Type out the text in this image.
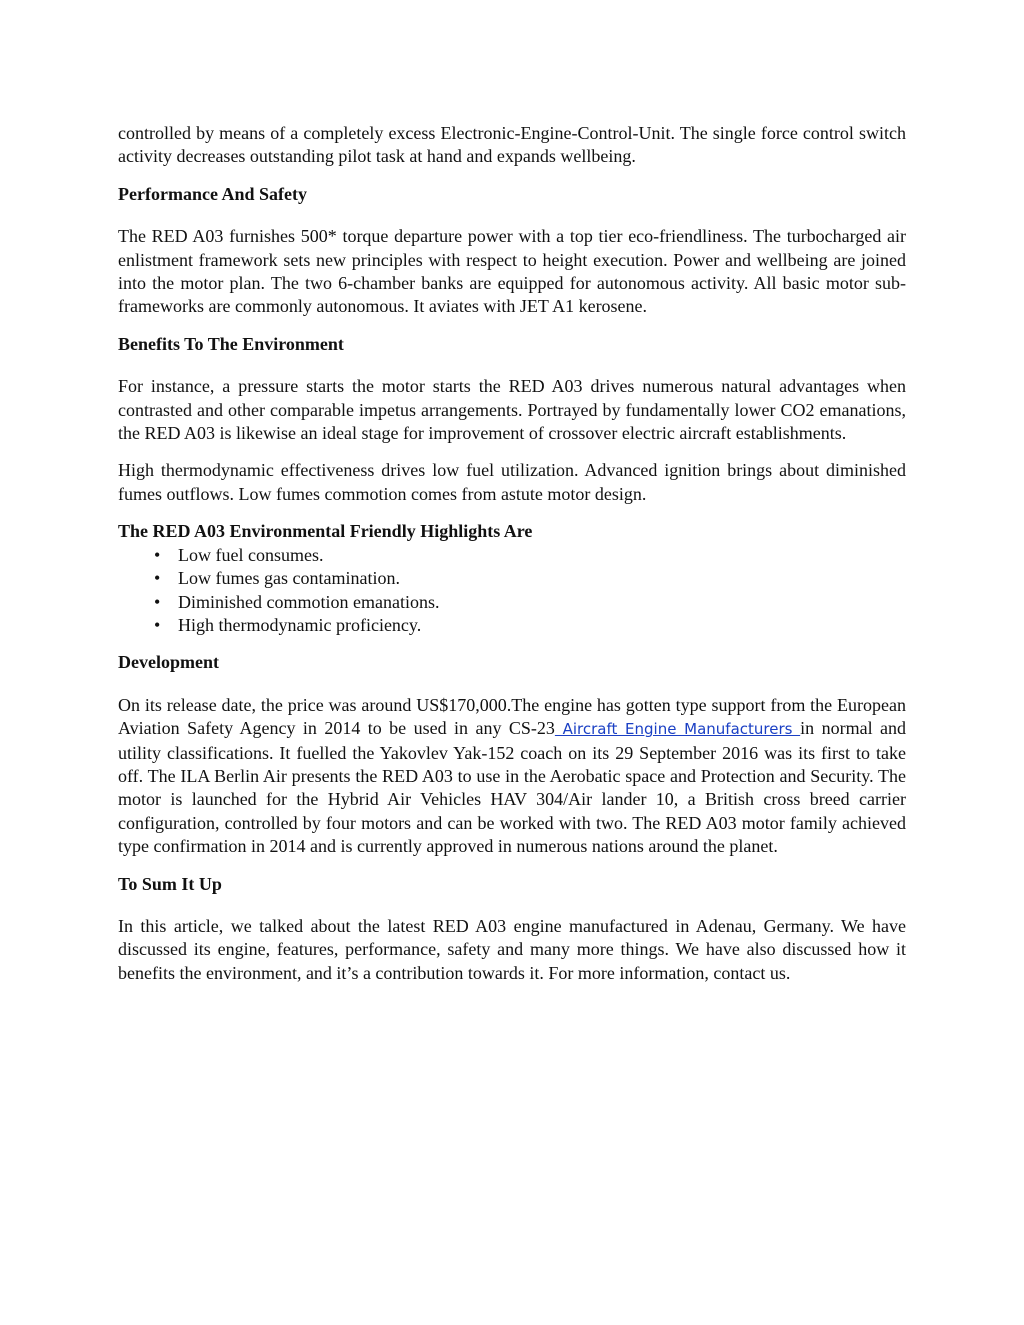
controlled by means of a completely excess Electronic-Engine-Control-Unit. The single force control switch activity decreases outstanding pilot task at hand and expands wellbeing.

Performance And Safety

The RED A03 furnishes 500* torque departure power with a top tier eco-friendliness. The turbocharged air enlistment framework sets new principles with respect to height execution. Power and wellbeing are joined into the motor plan. The two 6-chamber banks are equipped for autonomous activity. All basic motor sub-frameworks are commonly autonomous. It aviates with JET A1 kerosene.

Benefits To The Environment

For instance, a pressure starts the motor starts the RED A03 drives numerous natural advantages when contrasted and other comparable impetus arrangements. Portrayed by fundamentally lower CO2 emanations, the RED A03 is likewise an ideal stage for improvement of crossover electric aircraft establishments.

High thermodynamic effectiveness drives low fuel utilization. Advanced ignition brings about diminished fumes outflows. Low fumes commotion comes from astute motor design.

The RED A03 Environmental Friendly Highlights Are

• Low fuel consumes.
• Low fumes gas contamination.
• Diminished commotion emanations.
• High thermodynamic proficiency.

Development

On its release date, the price was around US$170,000.The engine has gotten type support from the European Aviation Safety Agency in 2014 to be used in any CS-23 Aircraft Engine Manufacturers in normal and utility classifications. It fuelled the Yakovlev Yak-152 coach on its 29 September 2016 was its first to take off. The ILA Berlin Air presents the RED A03 to use in the Aerobatic space and Protection and Security. The motor is launched for the Hybrid Air Vehicles HAV 304/Air lander 10, a British cross breed carrier configuration, controlled by four motors and can be worked with two. The RED A03 motor family achieved type confirmation in 2014 and is currently approved in numerous nations around the planet.

To Sum It Up

In this article, we talked about the latest RED A03 engine manufactured in Adenau, Germany. We have discussed its engine, features, performance, safety and many more things. We have also discussed how it benefits the environment, and it’s a contribution towards it. For more information, contact us.
